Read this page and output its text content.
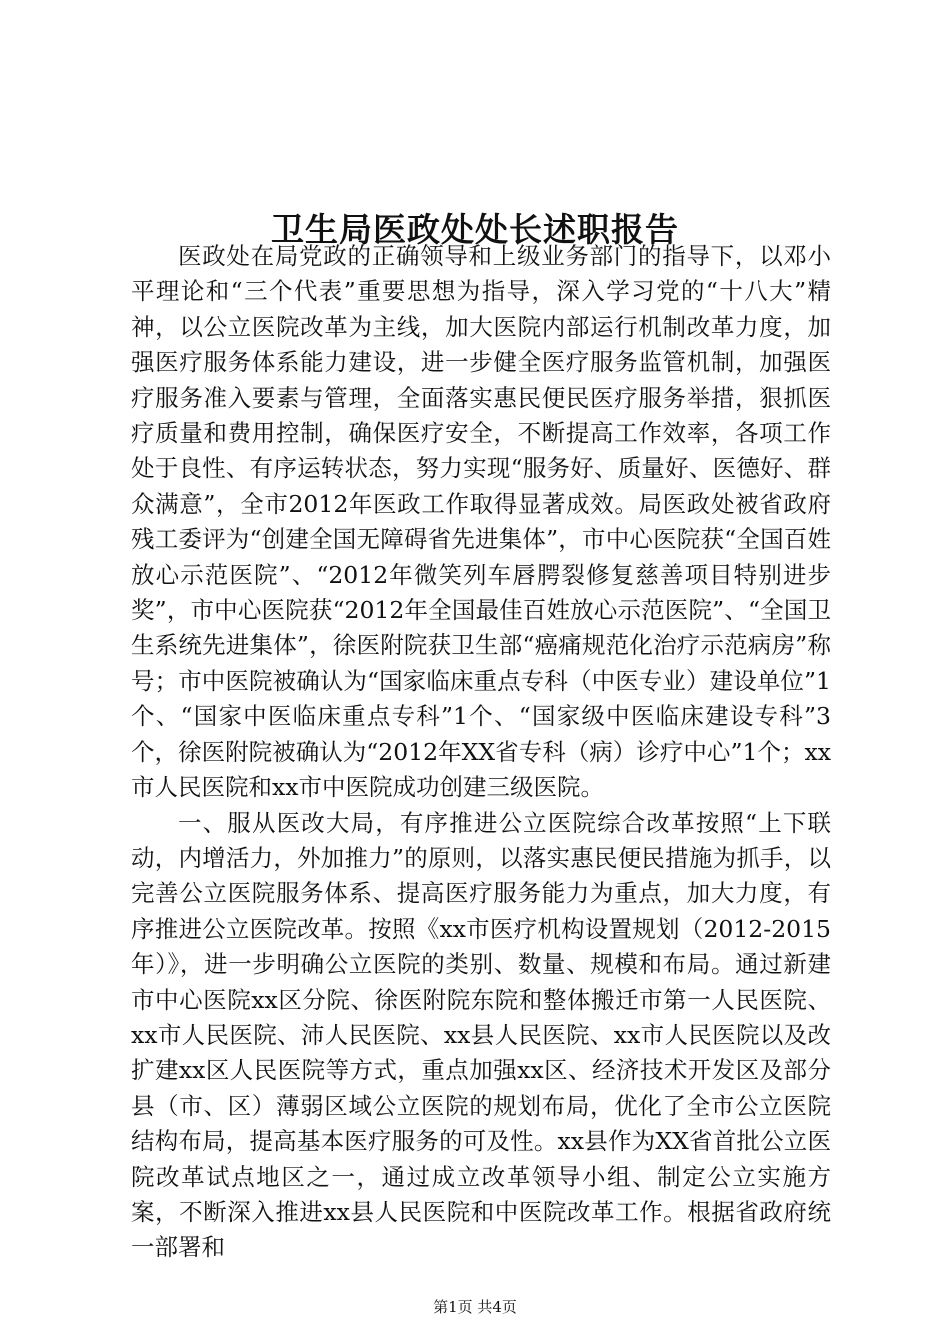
卫生局医政处处长述职报告

医政处在局党政的正确领导和上级业务部门的指导下，以邓小平理论和“三个代表”重要思想为指导，深入学习党的“十八大”精神，以公立医院改革为主线，加大医院内部运行机制改革力度，加强医疗服务体系能力建设，进一步健全医疗服务监管机制，加强医疗服务准入要素与管理，全面落实惠民便民医疗服务举措，狠抓医疗质量和费用控制，确保医疗安全，不断提高工作效率，各项工作处于良性、有序运转状态，努力实现“服务好、质量好、医德好、群众满意”，全市2012年医政工作取得显著成效。局医政处被省政府残工委评为“创建全国无障碍省先进集体”，市中心医院获“全国百姓放心示范医院”、“2012年微笑列车唇腭裂修复慈善项目特别进步奖”，市中心医院获“2012年全国最佳百姓放心示范医院”、“全国卫生系统先进集体”，徐医附院获卫生部“癌痛规范化治疗示范病房”称号；市中医院被确认为“国家临床重点专科（中医专业）建设单位”1个、“国家中医临床重点专科”1个、“国家级中医临床建设专科”3个，徐医附院被确认为“2012年XX省专科（病）诊疗中心”1个；xx市人民医院和xx市中医院成功创建三级医院。

一、服从医改大局，有序推进公立医院综合改革按照“上下联动，内增活力，外加推力”的原则，以落实惠民便民措施为抓手，以完善公立医院服务体系、提高医疗服务能力为重点，加大力度，有序推进公立医院改革。按照《xx市医疗机构设置规划（2012-2015年）》，进一步明确公立医院的类别、数量、规模和布局。通过新建市中心医院xx区分院、徐医附院东院和整体搬迁市第一人民医院、xx市人民医院、沛人民医院、xx县人民医院、xx市人民医院以及改扩建xx区人民医院等方式，重点加强xx区、经济技术开发区及部分县（市、区）薄弱区域公立医院的规划布局，优化了全市公立医院结构布局，提高基本医疗服务的可及性。xx县作为XX省首批公立医院改革试点地区之一，通过成立改革领导小组、制定公立实施方案，不断深入推进xx县人民医院和中医院改革工作。根据省政府统一部署和

第1页 共4页
